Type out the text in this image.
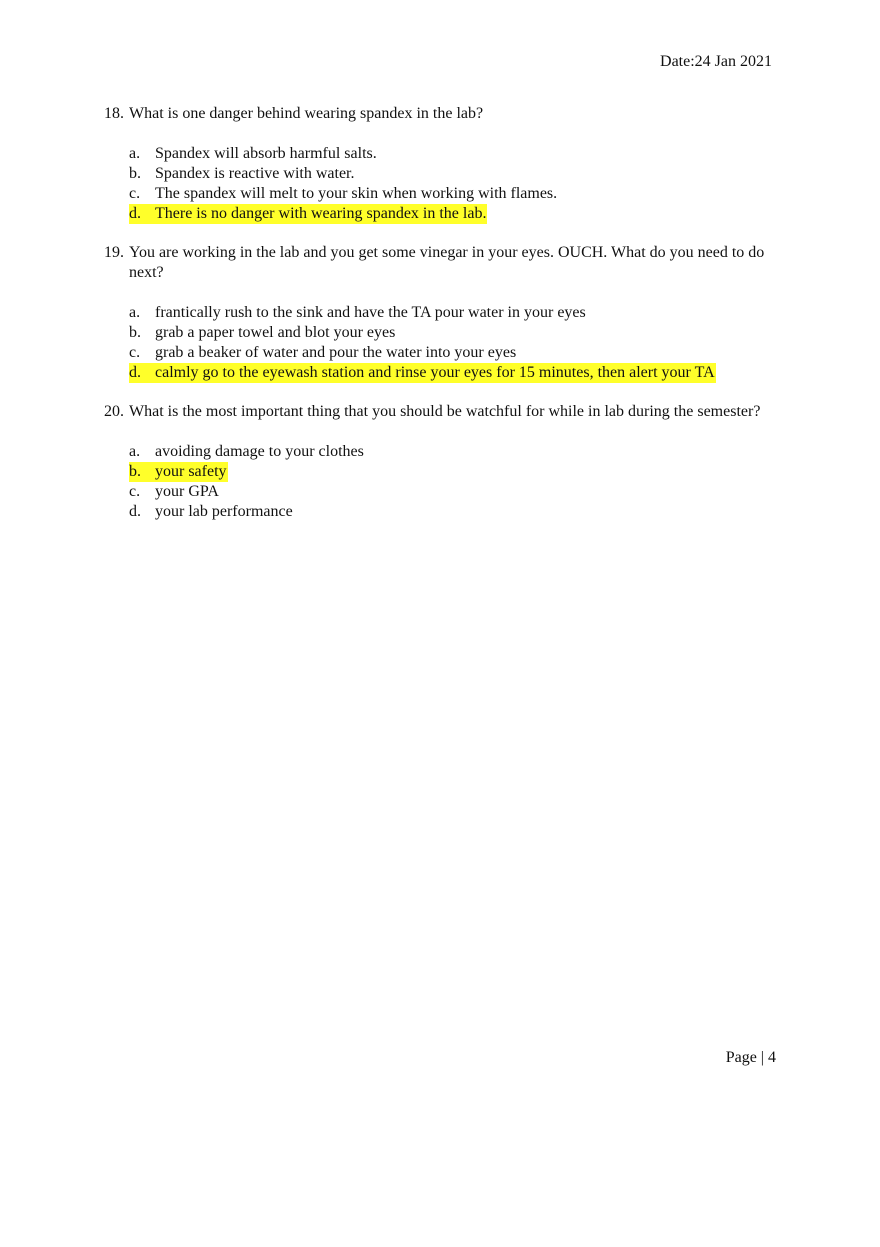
Date:24 Jan 2021
18. What is one danger behind wearing spandex in the lab?
a. Spandex will absorb harmful salts.
b. Spandex is reactive with water.
c. The spandex will melt to your skin when working with flames.
d. There is no danger with wearing spandex in the lab.
19. You are working in the lab and you get some vinegar in your eyes. OUCH. What do you need to do next?
a. frantically rush to the sink and have the TA pour water in your eyes
b. grab a paper towel and blot your eyes
c. grab a beaker of water and pour the water into your eyes
d. calmly go to the eyewash station and rinse your eyes for 15 minutes, then alert your TA
20. What is the most important thing that you should be watchful for while in lab during the semester?
a. avoiding damage to your clothes
b. your safety
c. your GPA
d. your lab performance
Page | 4
